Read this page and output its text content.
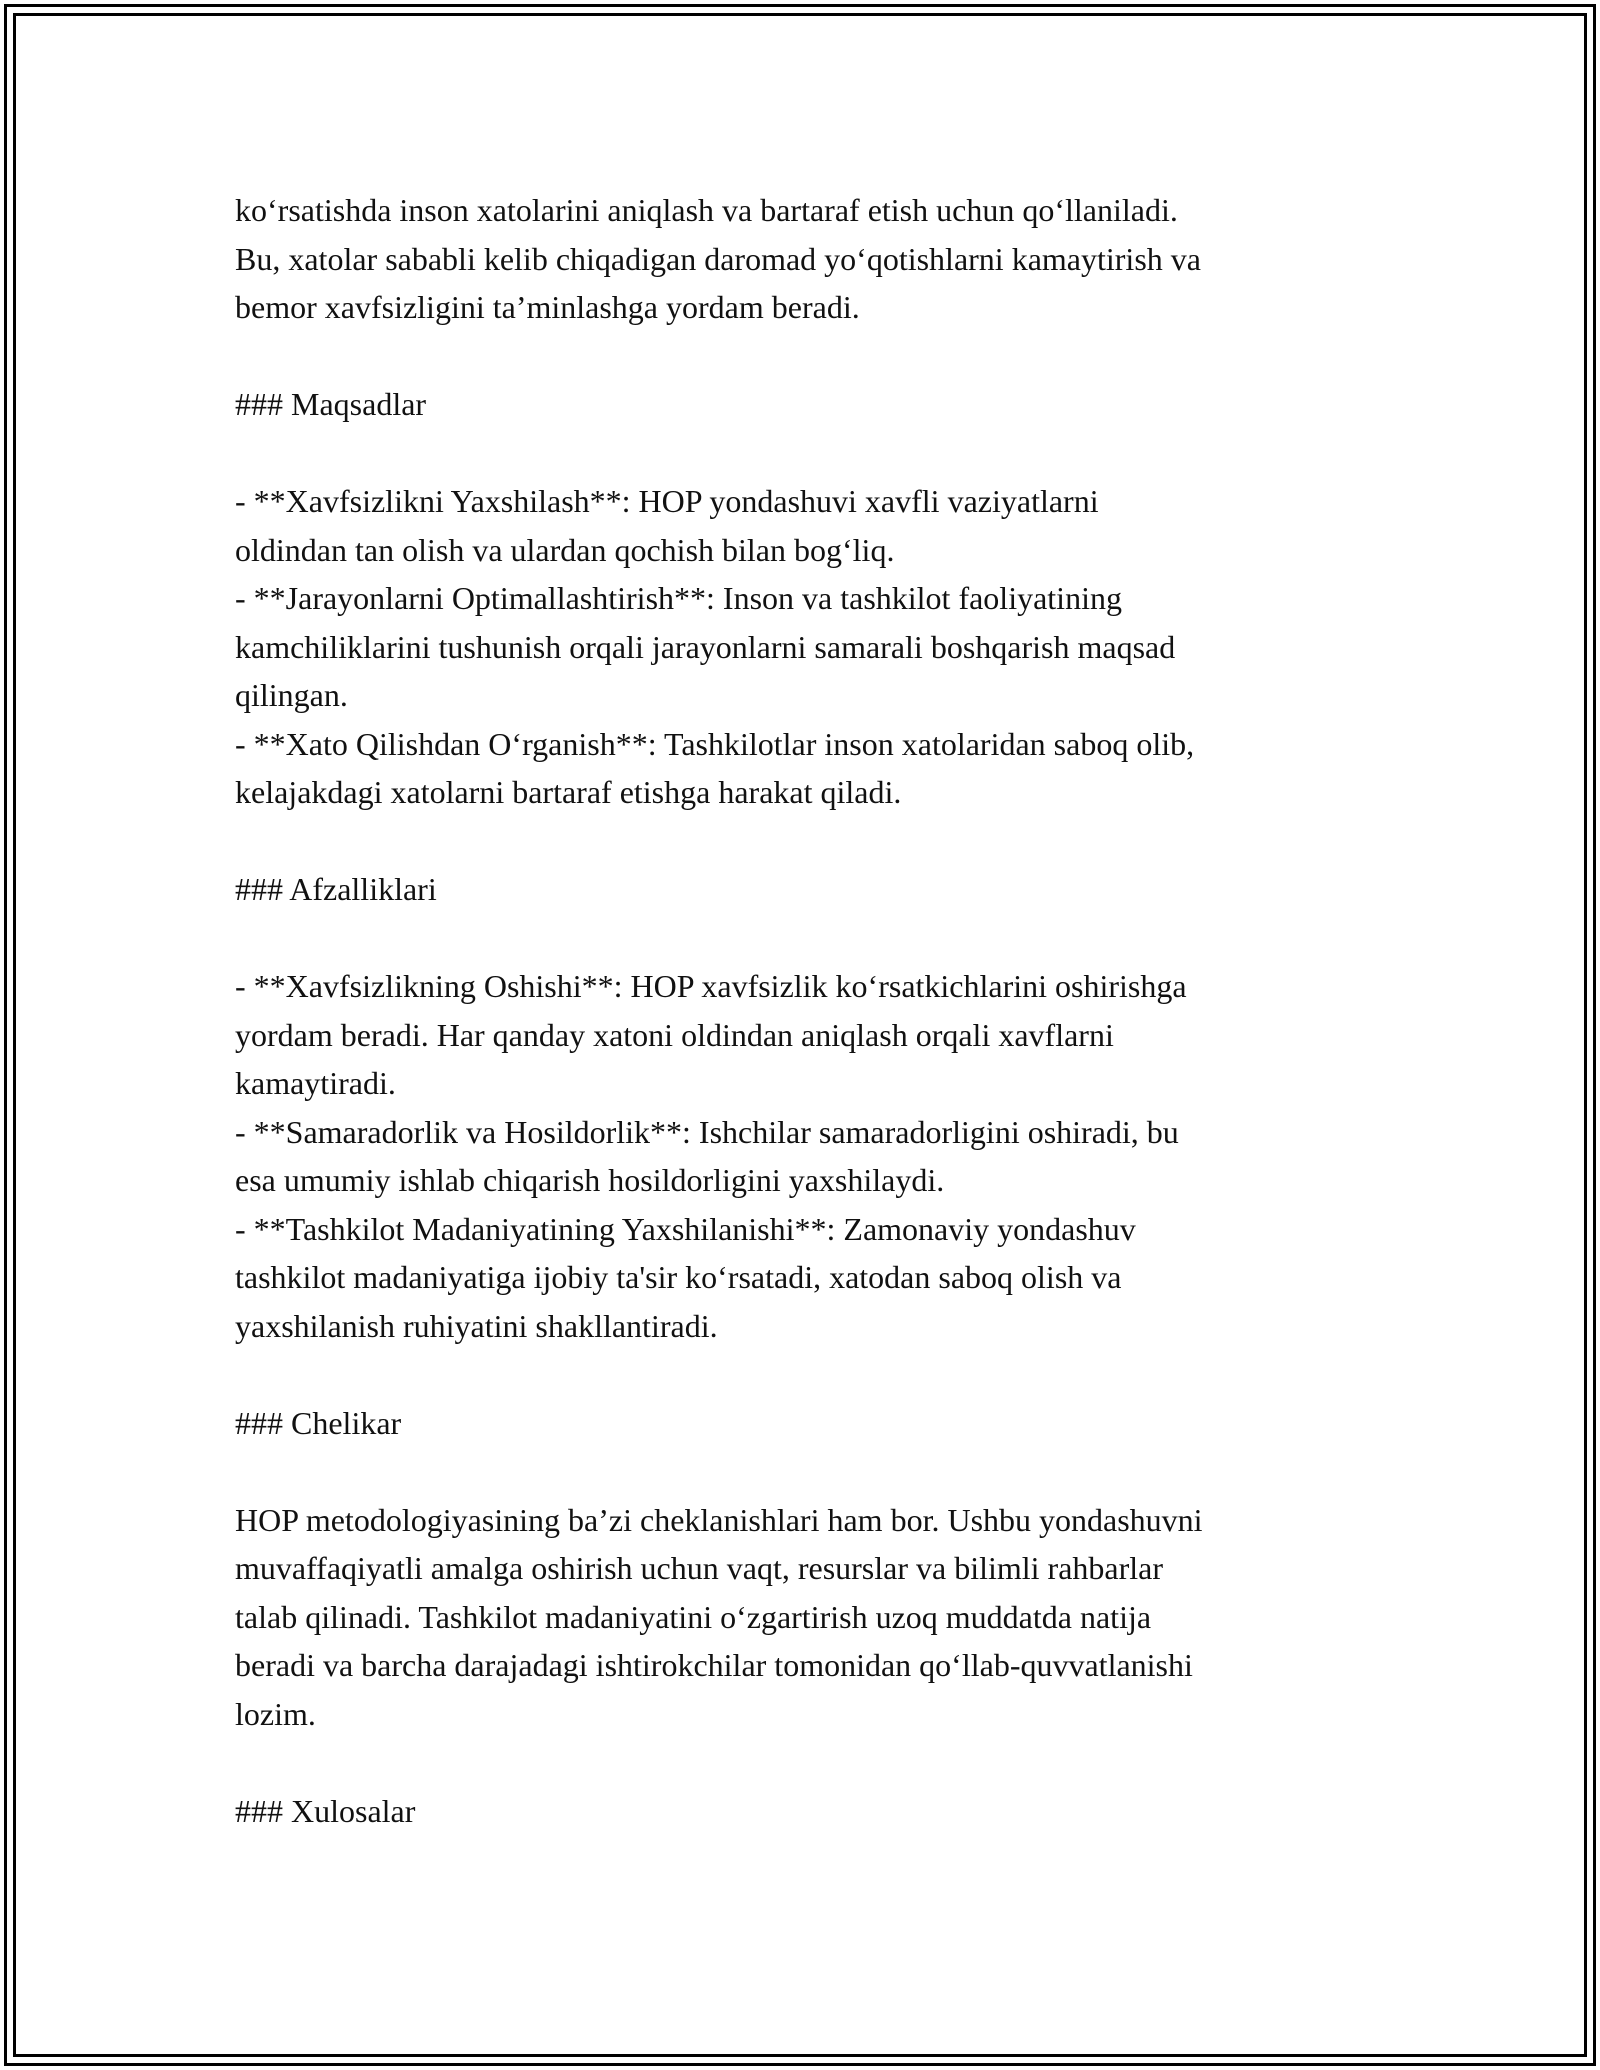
ko‘rsatishda inson xatolarini aniqlash va bartaraf etish uchun qo‘llaniladi.

Bu, xatolar sababli kelib chiqadigan daromad yo‘qotishlarni kamaytirish va

bemor xavfsizligini ta’minlashga yordam beradi.

### Maqsadlar

- **Xavfsizlikni Yaxshilash**: HOP yondashuvi xavfli vaziyatlarni

oldindan tan olish va ulardan qochish bilan bog‘liq.

- **Jarayonlarni Optimallashtirish**: Inson va tashkilot faoliyatining

kamchiliklarini tushunish orqali jarayonlarni samarali boshqarish maqsad

qilingan.

- **Xato Qilishdan O‘rganish**: Tashkilotlar inson xatolaridan saboq olib,

kelajakdagi xatolarni bartaraf etishga harakat qiladi.

### Afzalliklari

- **Xavfsizlikning Oshishi**: HOP xavfsizlik ko‘rsatkichlarini oshirishga

yordam beradi. Har qanday xatoni oldindan aniqlash orqali xavflarni

kamaytiradi.

- **Samaradorlik va Hosildorlik**: Ishchilar samaradorligini oshiradi, bu

esa umumiy ishlab chiqarish hosildorligini yaxshilaydi.

- **Tashkilot Madaniyatining Yaxshilanishi**: Zamonaviy yondashuv

tashkilot madaniyatiga ijobiy ta'sir ko‘rsatadi, xatodan saboq olish va

yaxshilanish ruhiyatini shakllantiradi.

### Chelikar

HOP metodologiyasining ba’zi cheklanishlari ham bor. Ushbu yondashuvni

muvaffaqiyatli amalga oshirish uchun vaqt, resurslar va bilimli rahbarlar

talab qilinadi. Tashkilot madaniyatini o‘zgartirish uzoq muddatda natija

beradi va barcha darajadagi ishtirokchilar tomonidan qo‘llab-quvvatlanishi

lozim.

### Xulosalar
